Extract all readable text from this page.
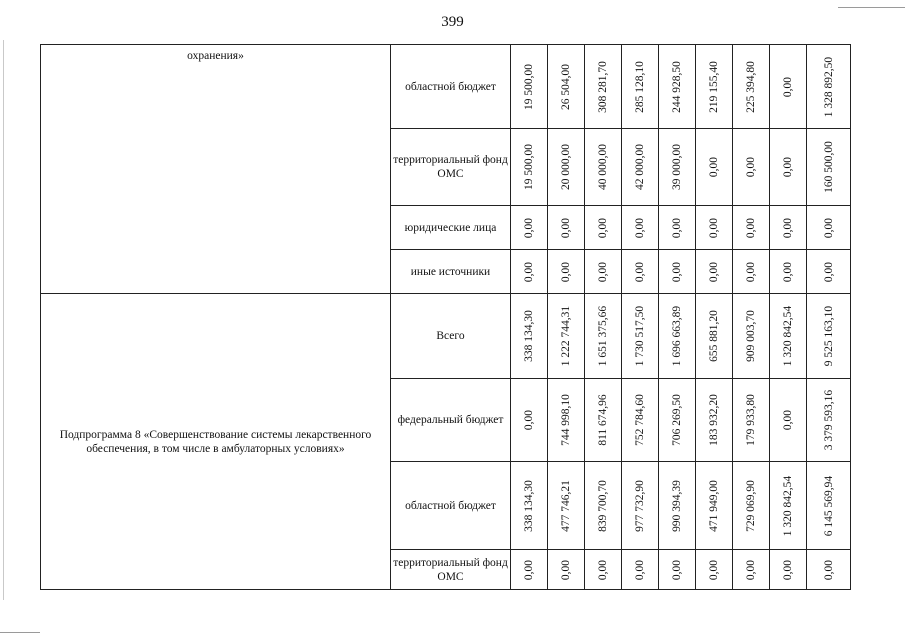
399
охранения»	областной бюджет	19 500,00	26 504,00	308 281,70	285 128,10	244 928,50	219 155,40	225 394,80	0,00	1 328 892,50

	территориальный фонд ОМС	19 500,00	20 000,00	40 000,00	42 000,00	39 000,00	0,00	0,00	0,00	160 500,00

	юридические лица	0,00	0,00	0,00	0,00	0,00	0,00	0,00	0,00	0,00

	иные источники	0,00	0,00	0,00	0,00	0,00	0,00	0,00	0,00	0,00

Подпрограмма 8 «Совершенствование системы лекарственного обеспечения, в том числе в амбулаторных условиях»	Всего	338 134,30	1 222 744,31	1 651 375,66	1 730 517,50	1 696 663,89	655 881,20	909 003,70	1 320 842,54	9 525 163,10

	федеральный бюджет	0,00	744 998,10	811 674,96	752 784,60	706 269,50	183 932,20	179 933,80	0,00	3 379 593,16

	областной бюджет	338 134,30	477 746,21	839 700,70	977 732,90	990 394,39	471 949,00	729 069,90	1 320 842,54	6 145 569,94

	территориальный фонд ОМС	0,00	0,00	0,00	0,00	0,00	0,00	0,00	0,00	0,00
